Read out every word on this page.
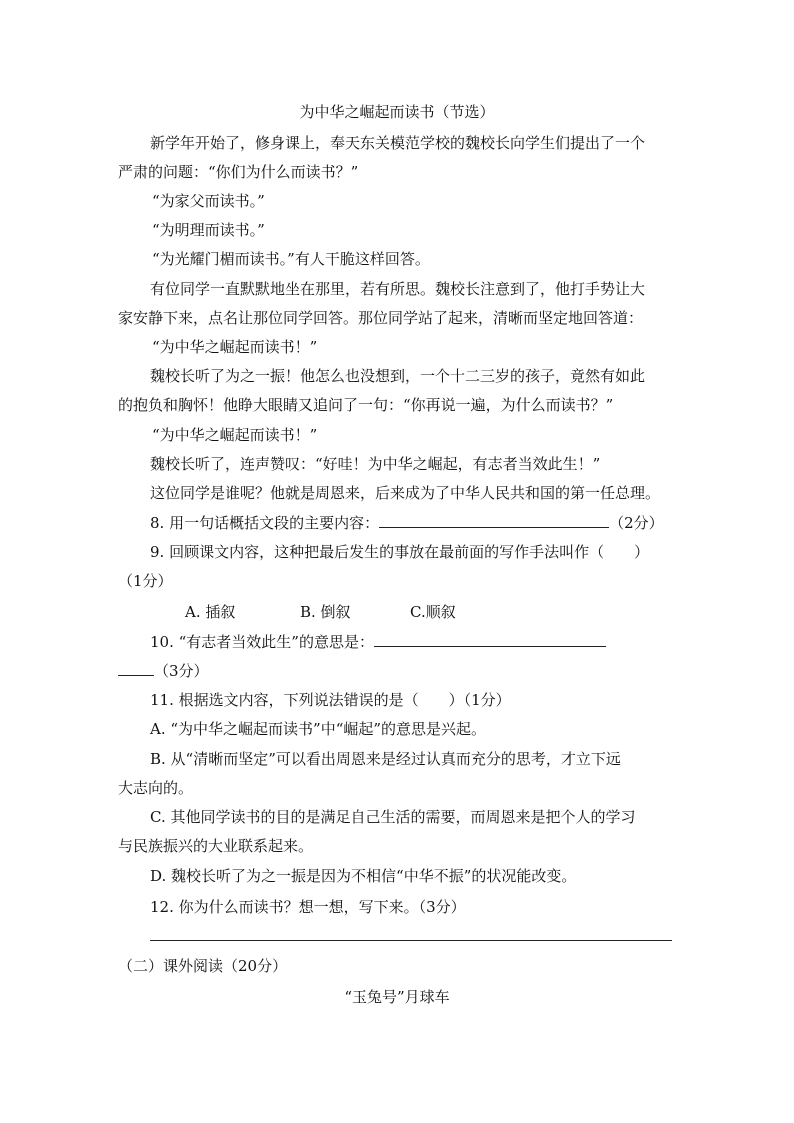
为中华之崛起而读书（节选）
新学年开始了，修身课上，奉天东关模范学校的魏校长向学生们提出了一个
严肃的问题：“你们为什么而读书？”
“为家父而读书。”
“为明理而读书。”
“为光耀门楣而读书。”有人干脆这样回答。
有位同学一直默默地坐在那里，若有所思。魏校长注意到了，他打手势让大
家安静下来，点名让那位同学回答。那位同学站了起来，清晰而坚定地回答道：
“为中华之崛起而读书！”
魏校长听了为之一振！他怎么也没想到，一个十二三岁的孩子，竟然有如此
的抱负和胸怀！他睁大眼睛又追问了一句：“你再说一遍，为什么而读书？”
“为中华之崛起而读书！”
魏校长听了，连声赞叹：“好哇！为中华之崛起，有志者当效此生！”
这位同学是谁呢？他就是周恩来，后来成为了中华人民共和国的第一任总理。
8. 用一句话概括文段的主要内容：	（2分）
9. 回顾课文内容，这种把最后发生的事放在最前面的写作手法叫作（　　）
（1分）
A. 插叙	B. 倒叙	C.顺叙
10. “有志者当效此生”的意思是：
（3分）
11. 根据选文内容，下列说法错误的是（　　）（1分）
A. “为中华之崛起而读书”中“崛起”的意思是兴起。
B. 从“清晰而坚定”可以看出周恩来是经过认真而充分的思考，才立下远
大志向的。
C. 其他同学读书的目的是满足自己生活的需要，而周恩来是把个人的学习
与民族振兴的大业联系起来。
D. 魏校长听了为之一振是因为不相信“中华不振”的状况能改变。
12. 你为什么而读书？想一想，写下来。（3分）
（二）课外阅读（20分）
“玉兔号”月球车
